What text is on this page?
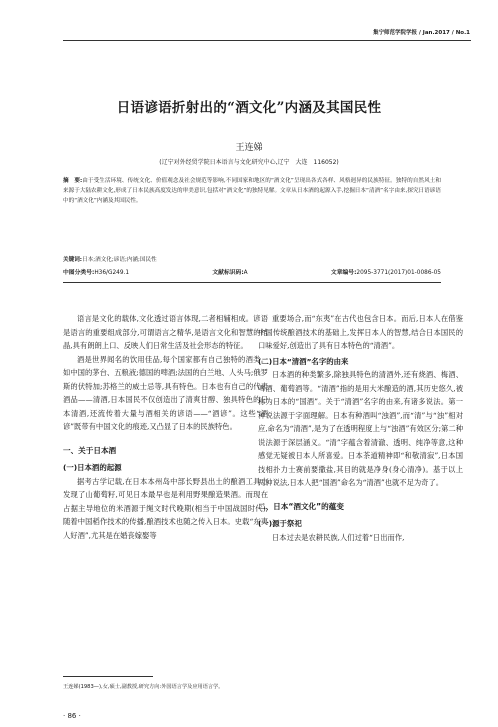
集宁师范学院学报 / Jan.2017 / No.1
日语谚语折射出的“酒文化”内涵及其国民性
王连娣
(辽宁对外经贸学院日本语言与文化研究中心,辽宁　大连　116052)
摘　要:由于受生活环境、传统文化、价值观念及社会规范等影响,不同国家和地区的“酒文化”呈现出各式各样、风格迥异的民族特征。独特的自然风土和来源于大陆农耕文化,形成了日本民族高度发达的审美意识,包括对“酒文化”的独特见解。文章从日本酒的起源入手,挖掘日本“清酒”名字由来,探究日语谚语中的“酒文化”内涵及其国民性。
关键词:日本;酒文化;谚语;内涵;国民性
中图分类号:H36/G249.1	文献标识码:A	文章编号:2095-3771(2017)01-0086-05

语言是文化的载体,文化透过语言体现,二者相辅相成。谚语是语言的重要组成部分,可谓语言之精华,是语言文化和智慧的结晶,具有朗朗上口、反映人们日常生活及社会形态的特征。

酒是世界闻名的饮用佳品,每个国家都有自己独特的酒类。如中国的茅台、五粮液;德国的啤酒;法国的白兰地、人头马;俄罗斯的伏特加;苏格兰的威士忌等,具有特色。日本也有自己的代表酒品——清酒,日本国民不仅创造出了清爽甘醇、独具特色的日本清酒,还流传着大量与酒相关的谚语——“酒谚”。这些“酒谚”既带有中国文化的痕迹,又凸显了日本的民族特色。

一、关于日本酒

(一)日本酒的起源

据考古学记载,在日本本州岛中部长野县出土的酿酒工具上发现了山葡萄籽,可见日本最早也是利用野果酿造果酒。而现在占据主导地位的米酒源于绳文时代晚期(相当于中国战国时代),随着中国稻作技术的传播,酿酒技术也随之传入日本。史载“东夷人好酒”,尤其是在婚丧嫁娶等

重要场合,而“东夷”在古代也包含日本。而后,日本人在借鉴中国传统酿酒技术的基础上,发挥日本人的智慧,结合日本国民的口味爱好,创造出了具有日本特色的“清酒”。

(二)日本“清酒”名字的由来

日本酒的种类繁多,除独具特色的清酒外,还有烧酒、梅酒、啤酒、葡萄酒等。“清酒”指的是用大米酿造的酒,其历史悠久,被称为日本的“国酒”。关于“清酒”名字的由来,有诸多说法。第一种说法源于字面理解。日本有种酒叫“浊酒”,而“清”与“浊”相对应,命名为“清酒”,是为了在透明程度上与“浊酒”有效区分;第二种说法源于深层涵义。“清”字蕴含着清澈、透明、纯净等意,这种感觉无疑被日本人所喜爱。日本茶道精神即“和敬清寂”,日本国技相扑力士赛前要撒盐,其目的就是净身(身心清净)。基于以上两种说法,日本人把“国酒”命名为“清酒”也就不足为奇了。

二、日本“酒文化”的蕴变

(一)源于祭祀

日本过去是农耕民族,人们过着“日出而作,

王连娣(1983—),女,硕士,副教授,研究方向:外国语言学及应用语言学。
· 86 ·
